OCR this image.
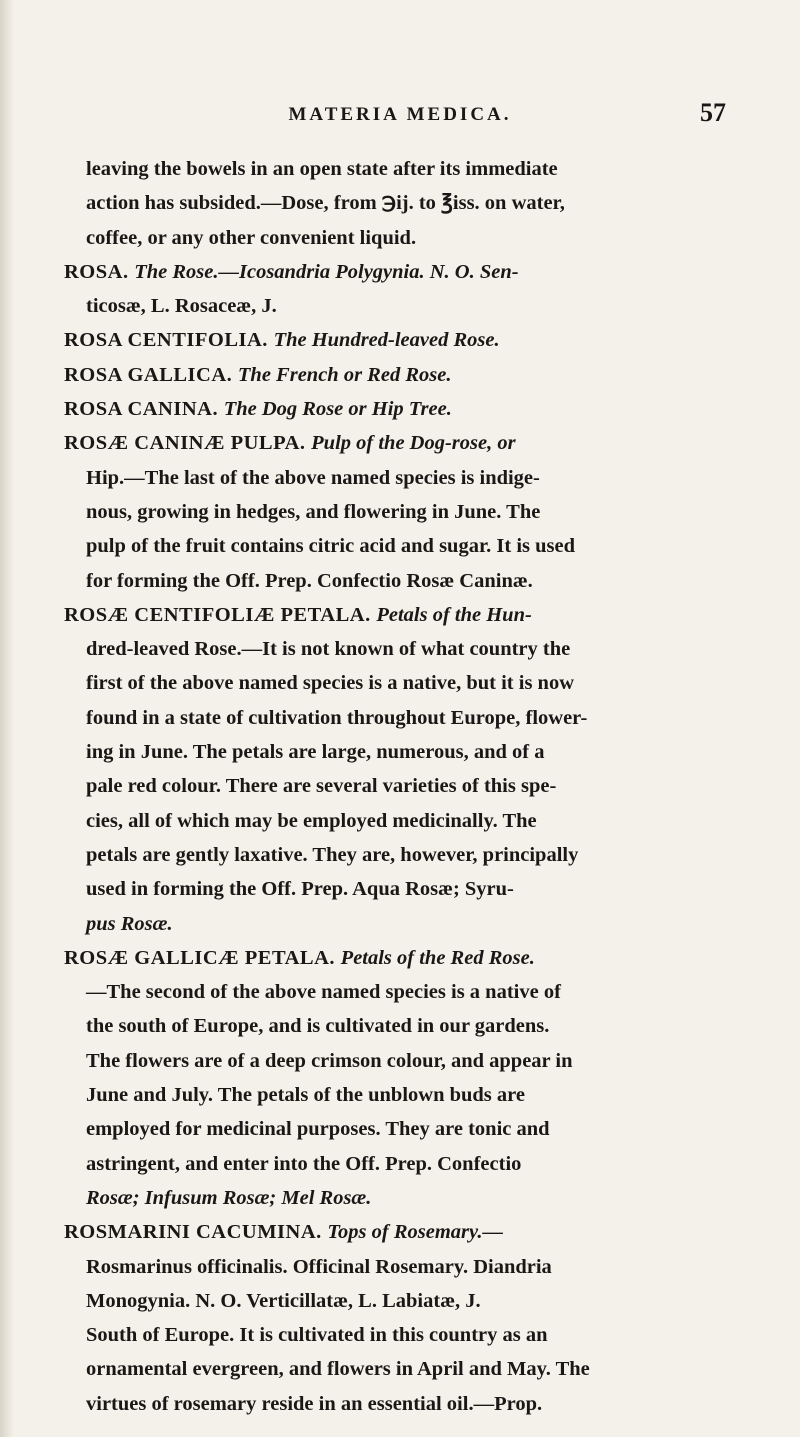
MATERIA MEDICA.	57
leaving the bowels in an open state after its immediate
action has subsided.—Dose, from ℈ij. to ℥iss. on water,
coffee, or any other convenient liquid.
ROSA. The Rose.—Icosandria Polygynia. N. O. Sen-
ticosæ, L. Rosaceæ, J.
ROSA CENTIFOLIA. The Hundred-leaved Rose.
ROSA GALLICA. The French or Red Rose.
ROSA CANINA. The Dog Rose or Hip Tree.
ROSÆ CANINÆ PULPA. Pulp of the Dog-rose, or
Hip.—The last of the above named species is indige-
nous, growing in hedges, and flowering in June. The
pulp of the fruit contains citric acid and sugar. It is used
for forming the Off. Prep. Confectio Rosæ Caninæ.
ROSÆ CENTIFOLIÆ PETALA. Petals of the Hun-
dred-leaved Rose.—It is not known of what country the
first of the above named species is a native, but it is now
found in a state of cultivation throughout Europe, flower-
ing in June. The petals are large, numerous, and of a
pale red colour. There are several varieties of this spe-
cies, all of which may be employed medicinally. The
petals are gently laxative. They are, however, principally
used in forming the Off. Prep. Aqua Rosæ; Syru-
pus Rosæ.
ROSÆ GALLICÆ PETALA. Petals of the Red Rose.
—The second of the above named species is a native of
the south of Europe, and is cultivated in our gardens.
The flowers are of a deep crimson colour, and appear in
June and July. The petals of the unblown buds are
employed for medicinal purposes. They are tonic and
astringent, and enter into the Off. Prep. Confectio
Rosæ; Infusum Rosæ; Mel Rosæ.
ROSMARINI CACUMINA. Tops of Rosemary.—
Rosmarinus officinalis. Officinal Rosemary. Diandria
Monogynia. N. O. Verticillatæ, L. Labiatæ, J.
South of Europe. It is cultivated in this country as an
ornamental evergreen, and flowers in April and May. The
virtues of rosemary reside in an essential oil.—Prop.
